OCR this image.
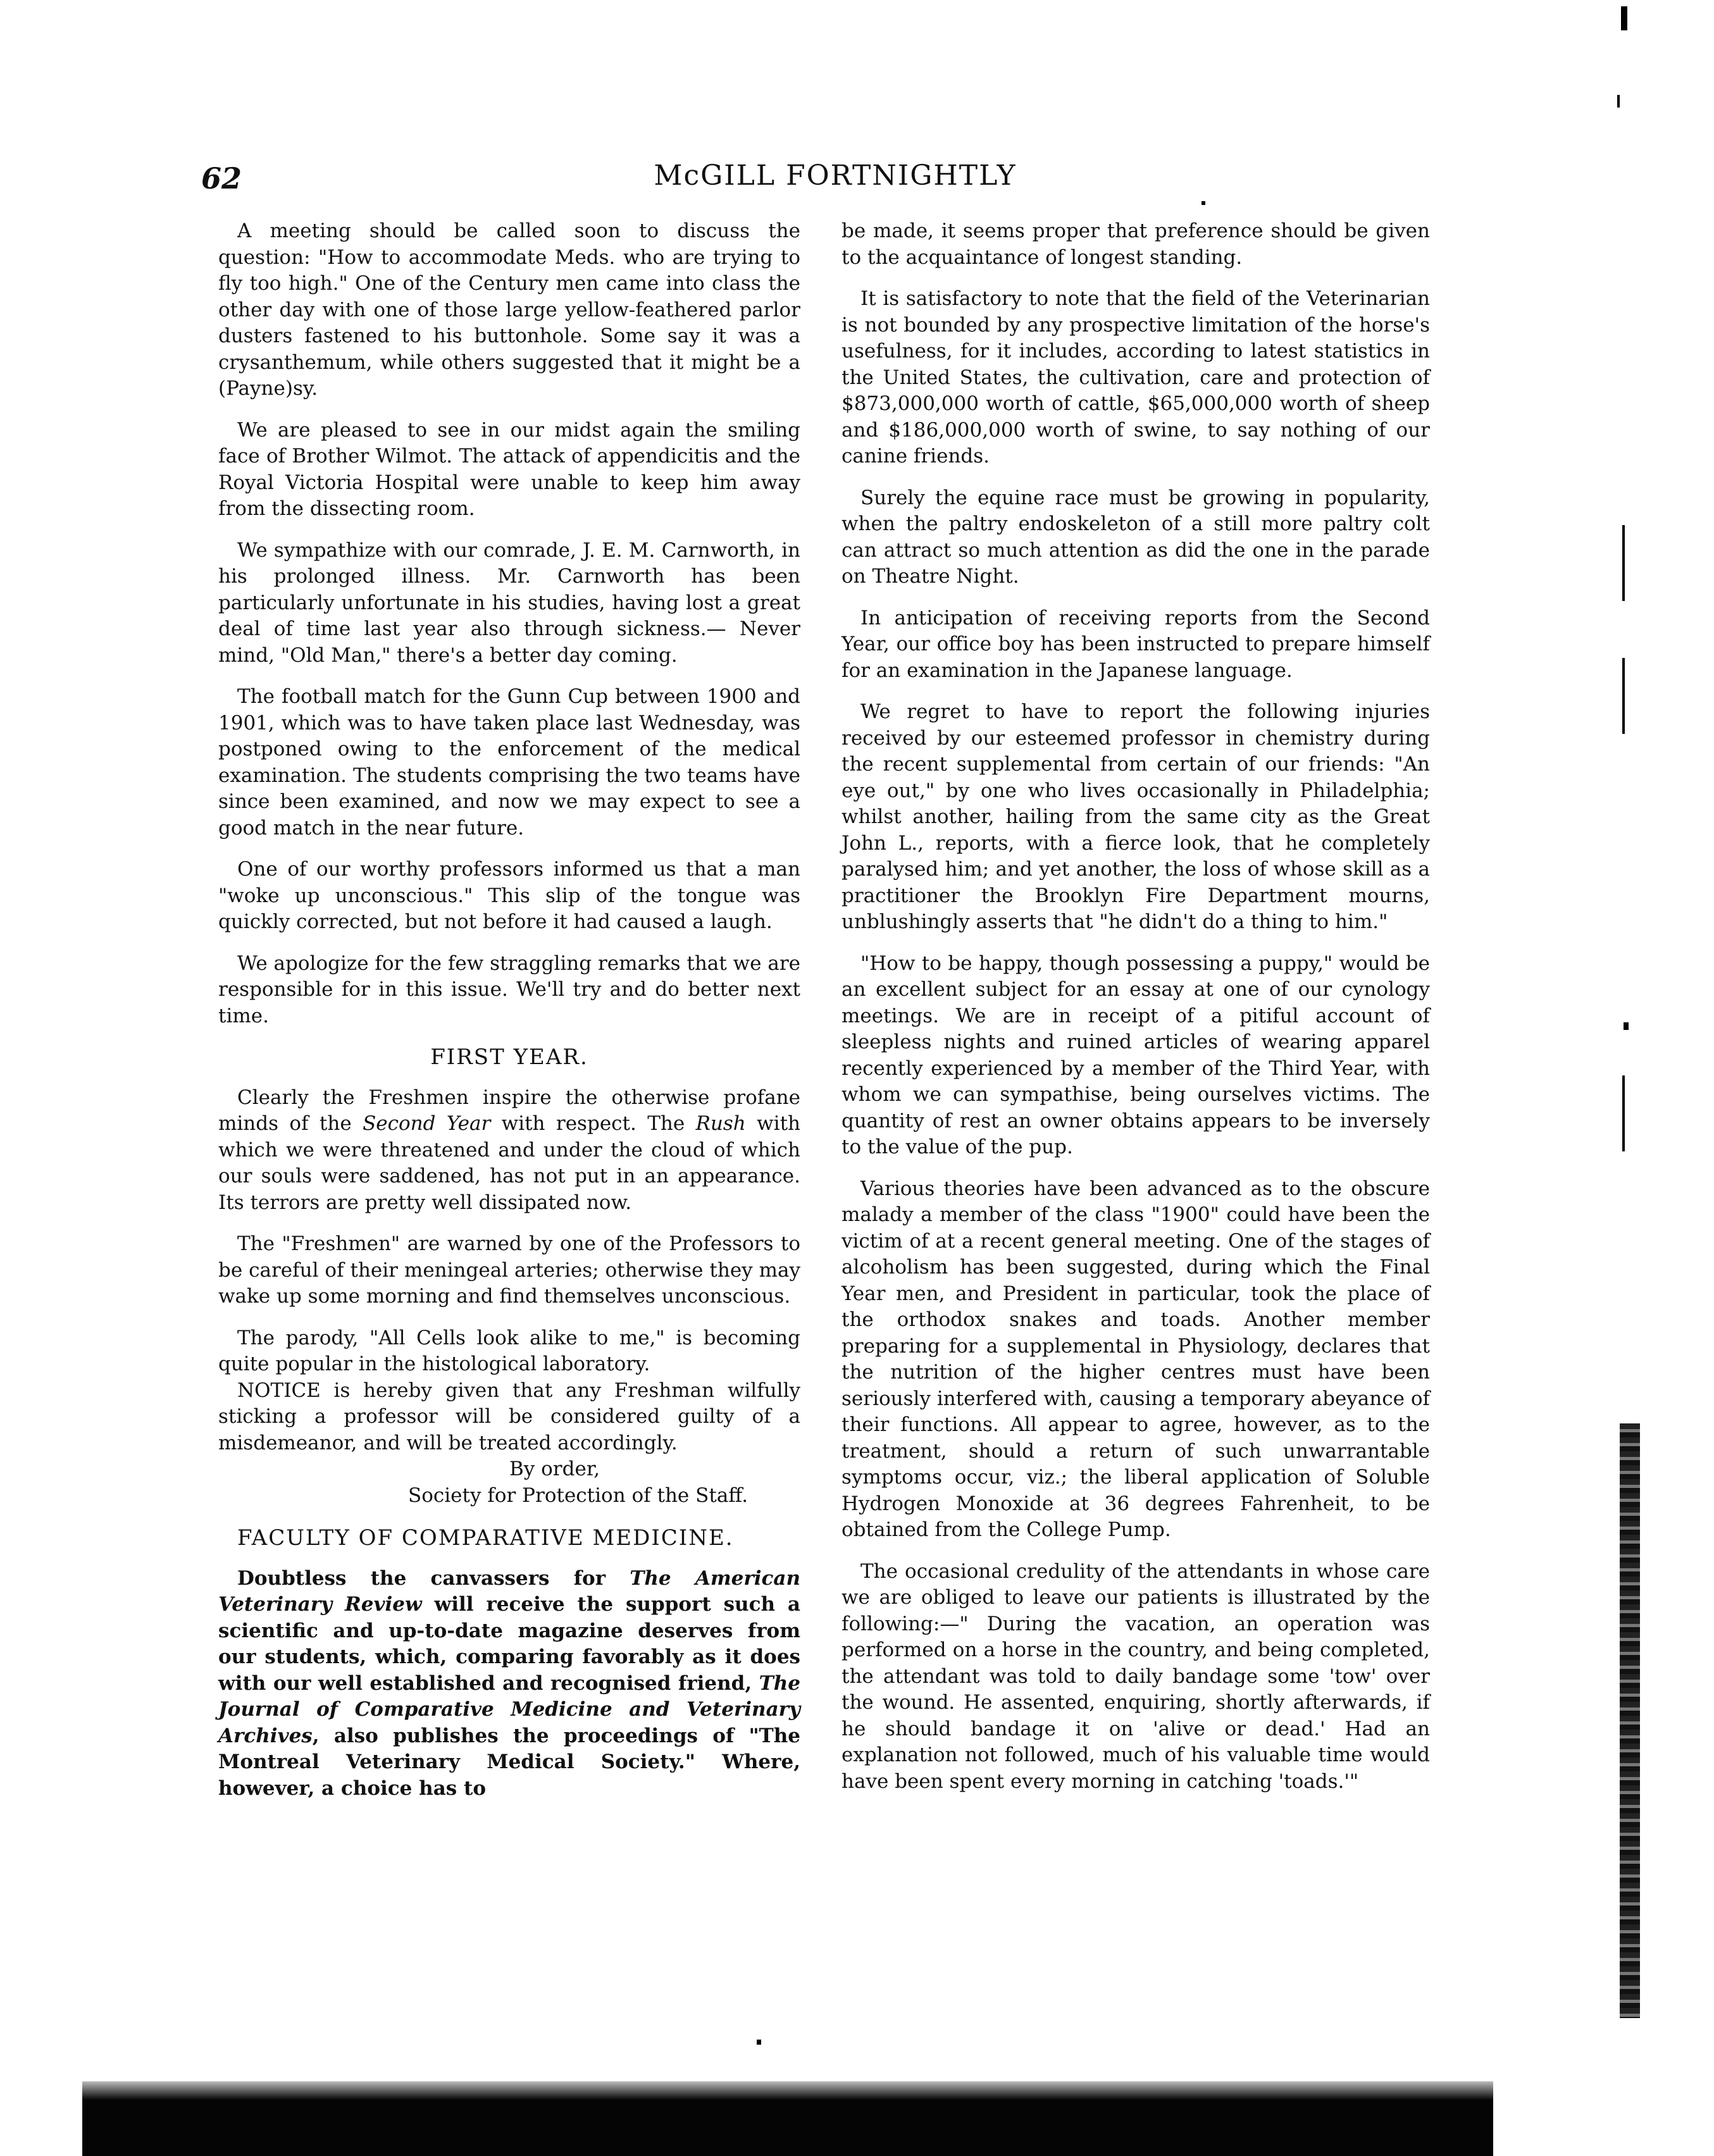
62	McGILL FORTNIGHTLY

A meeting should be called soon to discuss the question: "How to accommodate Meds. who are trying to fly too high." One of the Century men came into class the other day with one of those large yellow-feathered parlor dusters fastened to his buttonhole. Some say it was a crysanthemum, while others suggested that it might be a (Payne)sy.

We are pleased to see in our midst again the smiling face of Brother Wilmot. The attack of appendicitis and the Royal Victoria Hospital were unable to keep him away from the dissecting room.

We sympathize with our comrade, J. E. M. Carnworth, in his prolonged illness. Mr. Carnworth has been particularly unfortunate in his studies, having lost a great deal of time last year also through sickness.— Never mind, "Old Man," there's a better day coming.

The football match for the Gunn Cup between 1900 and 1901, which was to have taken place last Wednesday, was postponed owing to the enforcement of the medical examination. The students comprising the two teams have since been examined, and now we may expect to see a good match in the near future.

One of our worthy professors informed us that a man "woke up unconscious." This slip of the tongue was quickly corrected, but not before it had caused a laugh.

We apologize for the few straggling remarks that we are responsible for in this issue. We'll try and do better next time.

FIRST YEAR.

Clearly the Freshmen inspire the otherwise profane minds of the Second Year with respect. The Rush with which we were threatened and under the cloud of which our souls were saddened, has not put in an appearance. Its terrors are pretty well dissipated now.

The "Freshmen" are warned by one of the Professors to be careful of their meningeal arteries; otherwise they may wake up some morning and find themselves unconscious.

The parody, "All Cells look alike to me," is becoming quite popular in the histological laboratory.

NOTICE is hereby given that any Freshman wilfully sticking a professor will be considered guilty of a misdemeanor, and will be treated accordingly.

By order,
Society for Protection of the Staff.
FACULTY OF COMPARATIVE MEDICINE.

Doubtless the canvassers for The American Veterinary Review will receive the support such a scientific and up-to-date magazine deserves from our students, which, comparing favorably as it does with our well established and recognised friend, The Journal of Comparative Medicine and Veterinary Archives, also publishes the proceedings of "The Montreal Veterinary Medical Society." Where, however, a choice has to

be made, it seems proper that preference should be given to the acquaintance of longest standing.

It is satisfactory to note that the field of the Veterinarian is not bounded by any prospective limitation of the horse's usefulness, for it includes, according to latest statistics in the United States, the cultivation, care and protection of $873,000,000 worth of cattle, $65,000,000 worth of sheep and $186,000,000 worth of swine, to say nothing of our canine friends.

Surely the equine race must be growing in popularity, when the paltry endoskeleton of a still more paltry colt can attract so much attention as did the one in the parade on Theatre Night.

In anticipation of receiving reports from the Second Year, our office boy has been instructed to prepare himself for an examination in the Japanese language.

We regret to have to report the following injuries received by our esteemed professor in chemistry during the recent supplemental from certain of our friends: "An eye out," by one who lives occasionally in Philadelphia; whilst another, hailing from the same city as the Great John L., reports, with a fierce look, that he completely paralysed him; and yet another, the loss of whose skill as a practitioner the Brooklyn Fire Department mourns, unblushingly asserts that "he didn't do a thing to him."

"How to be happy, though possessing a puppy," would be an excellent subject for an essay at one of our cynology meetings. We are in receipt of a pitiful account of sleepless nights and ruined articles of wearing apparel recently experienced by a member of the Third Year, with whom we can sympathise, being ourselves victims. The quantity of rest an owner obtains appears to be inversely to the value of the pup.

Various theories have been advanced as to the obscure malady a member of the class "1900" could have been the victim of at a recent general meeting. One of the stages of alcoholism has been suggested, during which the Final Year men, and President in particular, took the place of the orthodox snakes and toads. Another member preparing for a supplemental in Physiology, declares that the nutrition of the higher centres must have been seriously interfered with, causing a temporary abeyance of their functions. All appear to agree, however, as to the treatment, should a return of such unwarrantable symptoms occur, viz.; the liberal application of Soluble Hydrogen Monoxide at 36 degrees Fahrenheit, to be obtained from the College Pump.

The occasional credulity of the attendants in whose care we are obliged to leave our patients is illustrated by the following:—" During the vacation, an operation was performed on a horse in the country, and being completed, the attendant was told to daily bandage some 'tow' over the wound. He assented, enquiring, shortly afterwards, if he should bandage it on 'alive or dead.' Had an explanation not followed, much of his valuable time would have been spent every morning in catching 'toads.'"
